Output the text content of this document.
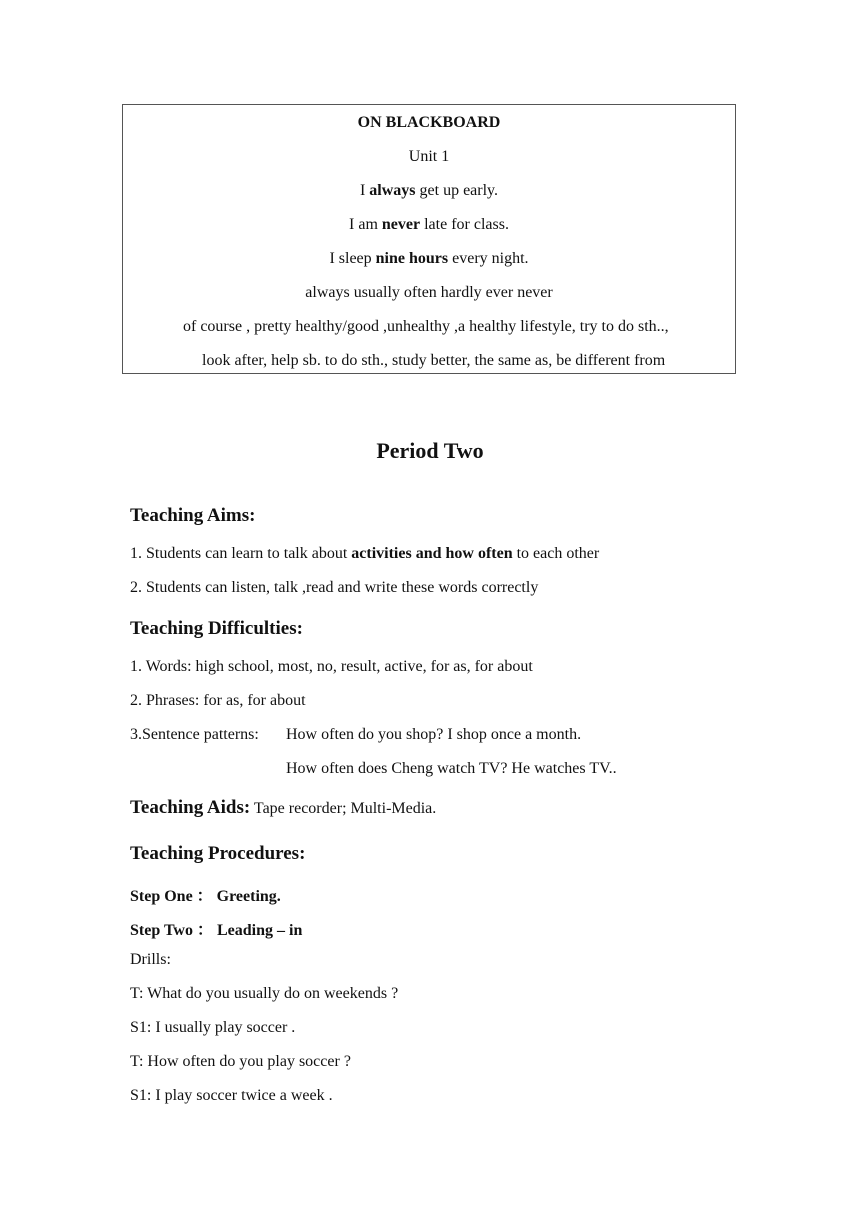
ON BLACKBOARD
Unit 1
I always get up early.
I am never late for class.
I sleep nine hours every night.
always usually often hardly ever never
of course , pretty healthy/good ,unhealthy ,a healthy lifestyle, try to do sth..,
look after, help sb. to do sth., study better, the same as, be different from
Period Two
Teaching Aims:
1. Students can learn to talk about activities and how often to each other
2. Students can listen, talk ,read and write these words correctly
Teaching Difficulties:
1. Words: high school, most, no, result, active, for as, for about
2. Phrases: for as, for about
3.Sentence patterns: How often do you shop? I shop once a month.
How often does Cheng watch TV? He watches TV..
Teaching Aids: Tape recorder; Multi-Media.
Teaching Procedures:
Step One ： Greeting.
Step Two ： Leading – in
Drills:
T: What do you usually do on weekends ?
S1: I usually play soccer .
T: How often do you play soccer ?
S1: I play soccer twice a week .
